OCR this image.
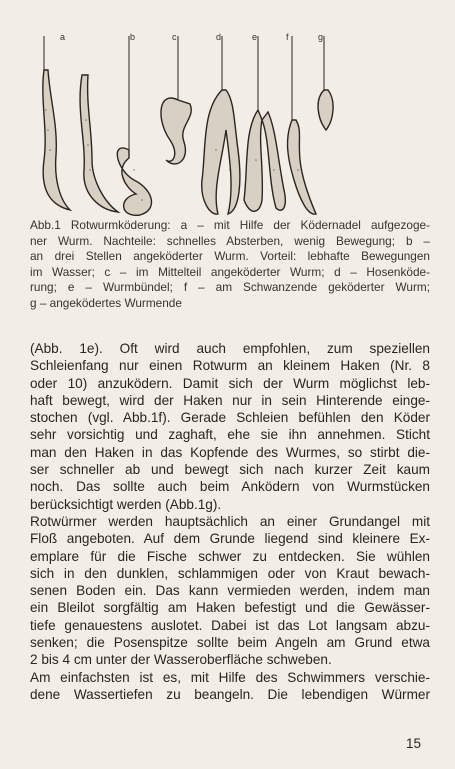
a	b	c	d	e	f	g
Abb.1 Rotwurmköderung: a – mit Hilfe der Ködernadel aufgezoge-
ner Wurm. Nachteile: schnelles Absterben, wenig Bewegung; b –
an drei Stellen angeköderter Wurm. Vorteil: lebhafte Bewegungen
im Wasser; c – im Mittelteil angeköderter Wurm; d – Hosenköde-
rung; e – Wurmbündel; f – am Schwanzende geköderter Wurm;
g – angeködertes Wurmende
(Abb. 1e). Oft wird auch empfohlen, zum speziellen
Schleienfang nur einen Rotwurm an kleinem Haken (Nr. 8
oder 10) anzuködern. Damit sich der Wurm möglichst leb-
haft bewegt, wird der Haken nur in sein Hinterende einge-
stochen (vgl. Abb.1f). Gerade Schleien befühlen den Köder
sehr vorsichtig und zaghaft, ehe sie ihn annehmen. Sticht
man den Haken in das Kopfende des Wurmes, so stirbt die-
ser schneller ab und bewegt sich nach kurzer Zeit kaum
noch. Das sollte auch beim Anködern von Wurmstücken
berücksichtigt werden (Abb.1g).
Rotwürmer werden hauptsächlich an einer Grundangel mit
Floß angeboten. Auf dem Grunde liegend sind kleinere Ex-
emplare für die Fische schwer zu entdecken. Sie wühlen
sich in den dunklen, schlammigen oder von Kraut bewach-
senen Boden ein. Das kann vermieden werden, indem man
ein Bleilot sorgfältig am Haken befestigt und die Gewässer-
tiefe genauestens auslotet. Dabei ist das Lot langsam abzu-
senken; die Posenspitze sollte beim Angeln am Grund etwa
2 bis 4 cm unter der Wasseroberfläche schweben.
Am einfachsten ist es, mit Hilfe des Schwimmers verschie-
dene Wassertiefen zu beangeln. Die lebendigen Würmer
15
